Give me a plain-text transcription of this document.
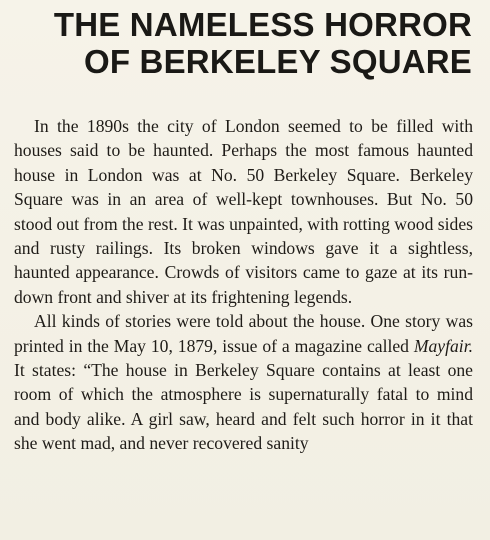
THE NAMELESS HORROR
OF BERKELEY SQUARE

In the 1890s the city of London seemed to be filled with houses said to be haunted. Perhaps the most famous haunted house in London was at No. 50 Berkeley Square. Berkeley Square was in an area of well-kept townhouses. But No. 50 stood out from the rest. It was unpainted, with rotting wood sides and rusty railings. Its broken windows gave it a sightless, haunted appearance. Crowds of visitors came to gaze at its run-down front and shiver at its frightening legends.

All kinds of stories were told about the house. One story was printed in the May 10, 1879, issue of a magazine called Mayfair. It states: “The house in Berkeley Square contains at least one room of which the atmosphere is supernaturally fatal to mind and body alike. A girl saw, heard and felt such horror in it that she went mad, and never recovered sanity
